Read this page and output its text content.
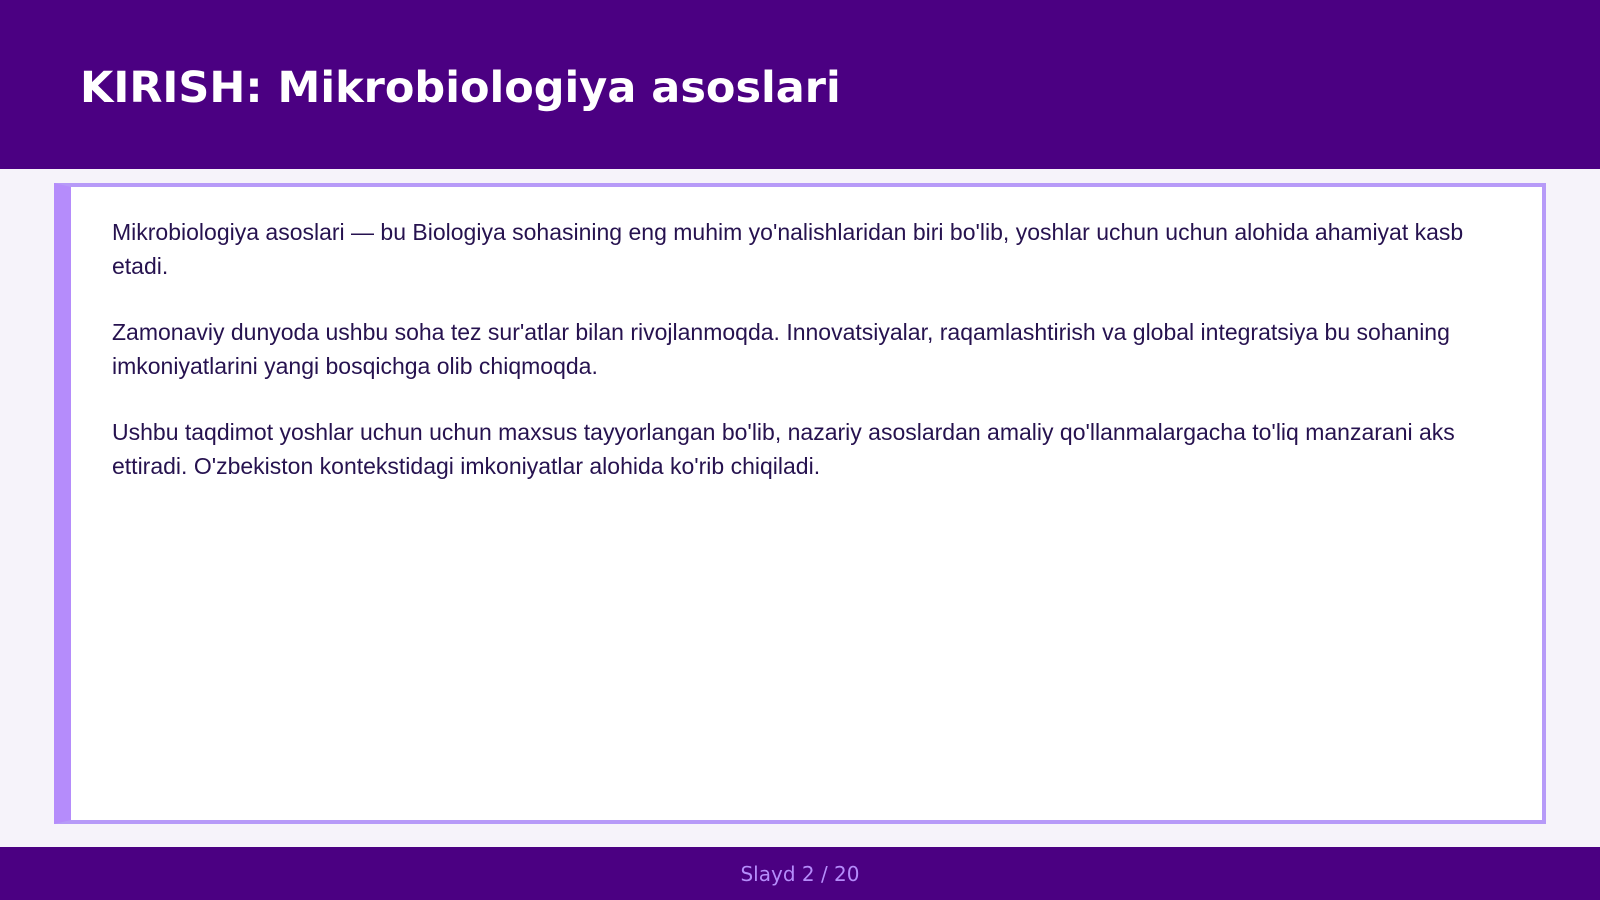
KIRISH: Mikrobiologiya asoslari

Mikrobiologiya asoslari — bu Biologiya sohasining eng muhim yo'nalishlaridan biri bo'lib, yoshlar uchun uchun alohida ahamiyat kasb etadi.

Zamonaviy dunyoda ushbu soha tez sur'atlar bilan rivojlanmoqda. Innovatsiyalar, raqamlashtirish va global integratsiya bu sohaning imkoniyatlarini yangi bosqichga olib chiqmoqda.

Ushbu taqdimot yoshlar uchun uchun maxsus tayyorlangan bo'lib, nazariy asoslardan amaliy qo'llanmalargacha to'liq manzarani aks ettiradi. O'zbekiston kontekstidagi imkoniyatlar alohida ko'rib chiqiladi.

Slayd 2 / 20
